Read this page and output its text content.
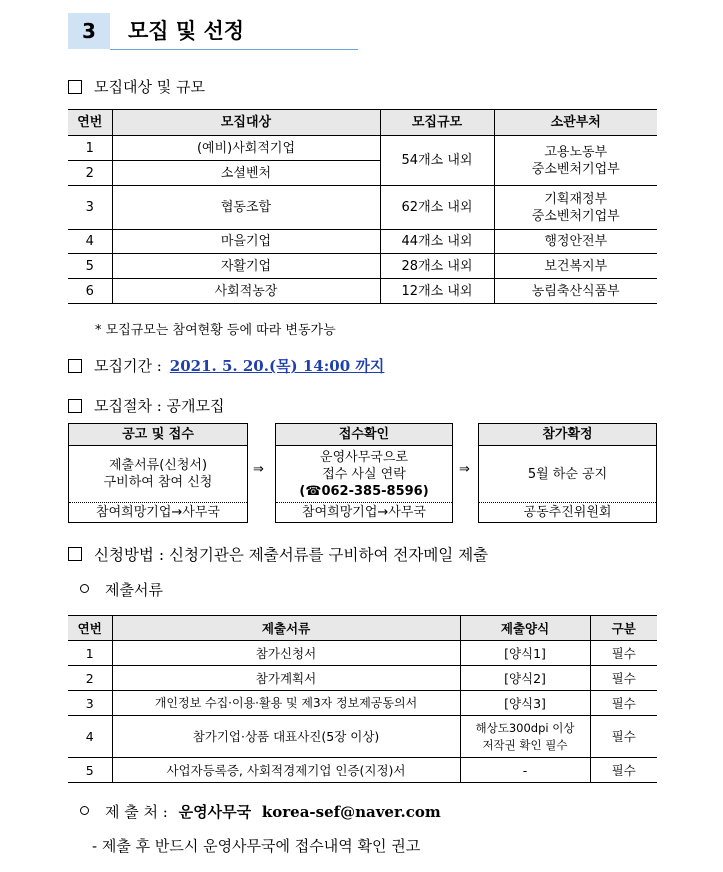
3	모집 및 선정
모집대상 및 규모
연번	모집대상	모집규모	소관부처
1	(예비)사회적기업	54개소 내외	고용노동부
중소벤처기업부

2	소셜벤처		
3	협동조합	62개소 내외	기획재정부
중소벤처기업부

4	마을기업	44개소 내외	행정안전부
5	자활기업	28개소 내외	보건복지부
6	사회적농장	12개소 내외	농림축산식품부
* 모집규모는 참여현황 등에 따라 변동가능
모집기간 : 2021. 5. 20.(목) 14:00 까지
모집절차 : 공개모집
공고 및 접수
제출서류(신청서)
구비하여 참여 신청
참여희망기업→사무국
⇒
접수확인
운영사무국으로
접수 사실 연락
(☎062-385-8596)
참여희망기업→사무국
⇒
참가확정
5월 하순 공지
공동추진위원회
신청방법 : 신청기관은 제출서류를 구비하여 전자메일 제출
제출서류
연번	제출서류	제출양식	구분
1	참가신청서	[양식1]	필수
2	참가계획서	[양식2]	필수
3	개인정보 수집·이용·활용 및 제3자 정보제공동의서	[양식3]	필수
4	참가기업·상품 대표사진(5장 이상)	해상도300dpi 이상
저작권 확인 필수	필수
5	사업자등록증, 사회적경제기업 인증(지정)서	-	필수
제 출 처 : 운영사무국 korea-sef@naver.com
- 제출 후 반드시 운영사무국에 접수내역 확인 권고
